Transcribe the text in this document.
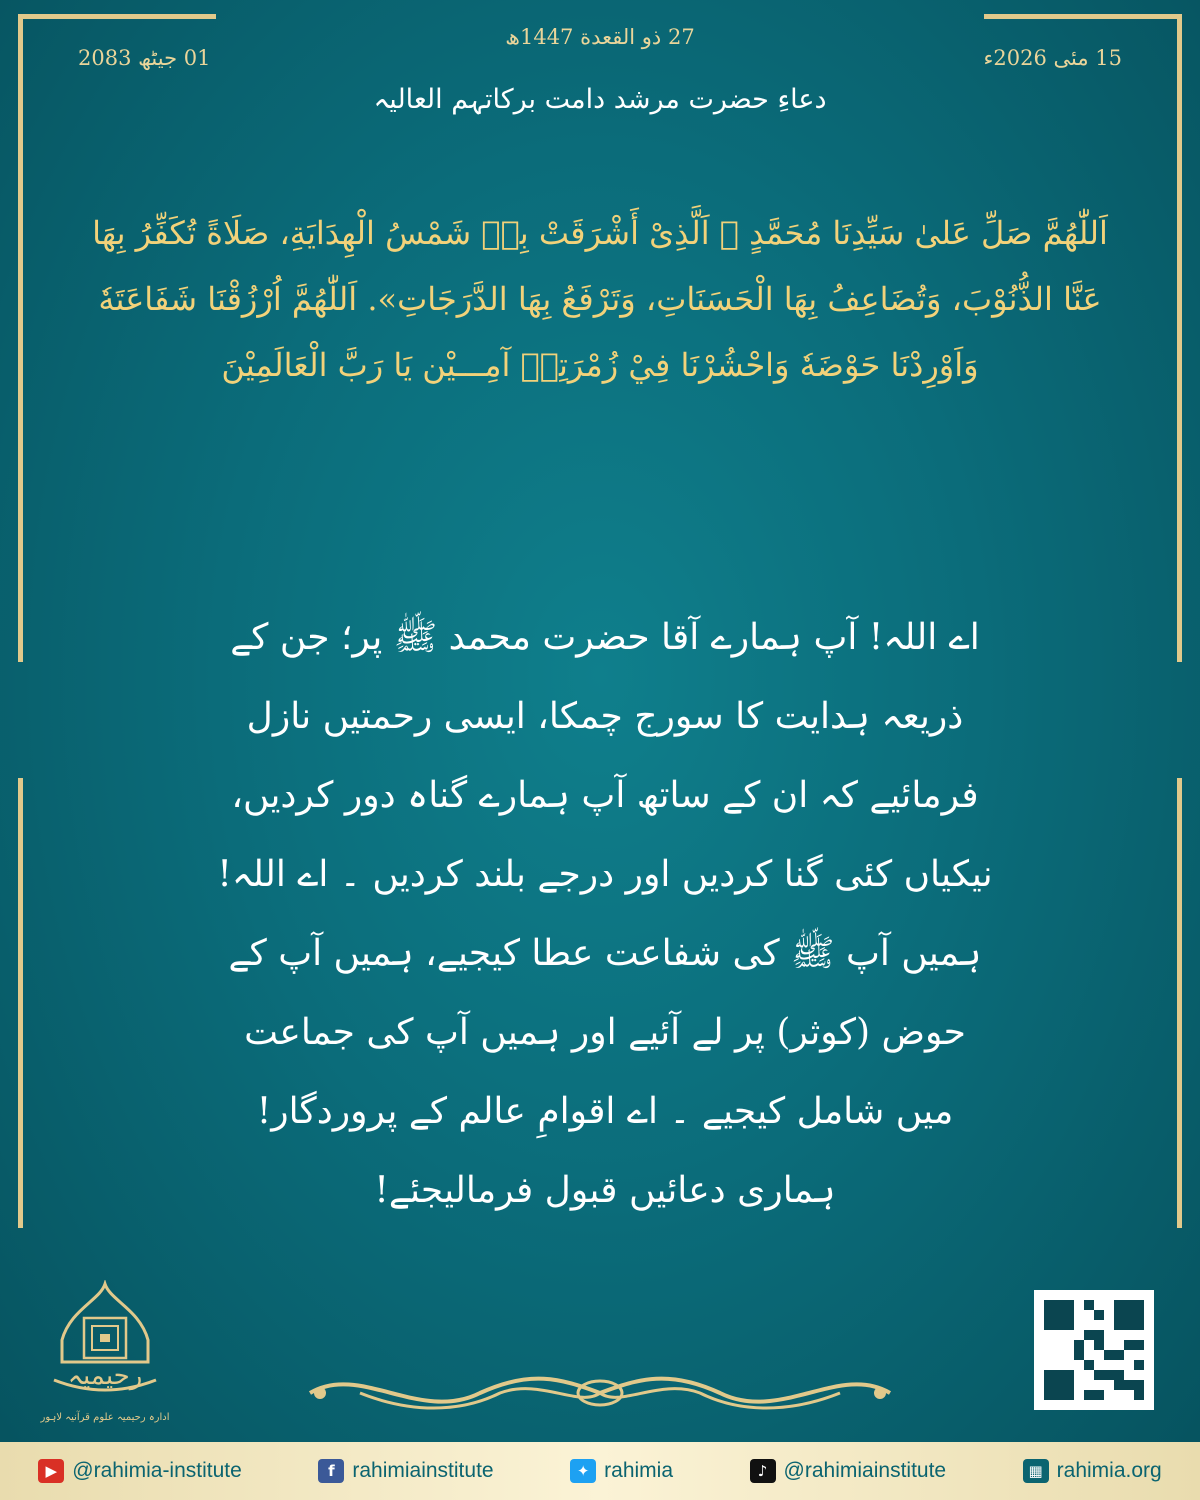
27 ذو القعدة 1447ھ
15 مئی 2026ء
01 جیٹھ 2083
دعاءِ حضرت مرشد دامت برکاتہم العالیہ
اَللّٰهُمَّ صَلِّ عَلىٰ سَيِّدِنَا مُحَمَّدٍ ﷺ اَلَّذِىْ أَشْرَقَتْ بِهٖ شَمْسُ الْهِدَايَةِ، صَلَاةً تُكَفِّرُ بِهَا عَنَّا الذُّنُوْبَ، وَتُضَاعِفُ بِهَا الْحَسَنَاتِ، وَتَرْفَعُ بِهَا الدَّرَجَاتِ». اَللّٰهُمَّ اُرْزُقْنَا شَفَاعَتَهٗ وَاَوْرِدْنَا حَوْضَهٗ وَاحْشُرْنَا فِيْ زُمْرَتِهٖ آمِـــيْن يَا رَبَّ الْعَالَمِيْنَ
اے اللہ! آپ ہمارے آقا حضرت محمد ﷺ پر؛ جن کے ذریعہ ہدایت کا سورج چمکا، ایسی رحمتیں نازل فرمائیے کہ ان کے ساتھ آپ ہمارے گناہ دور کردیں، نیکیاں کئی گنا کردیں اور درجے بلند کردیں ۔ اے اللہ! ہمیں آپ ﷺ کی شفاعت عطا کیجیے، ہمیں آپ کے حوض (کوثر) پر لے آئیے اور ہمیں آپ کی جماعت میں شامل کیجیے ۔ اے اقوامِ عالم کے پروردگار! ہماری دعائیں قبول فرمالیجئے!
رحیمیہ
ادارہ رحیمیہ علوم قرآنیہ لاہور
▶ @rahimia-institute	f rahimiainstitute	✦ rahimia	♪ @rahimiainstitute	▦ rahimia.org
